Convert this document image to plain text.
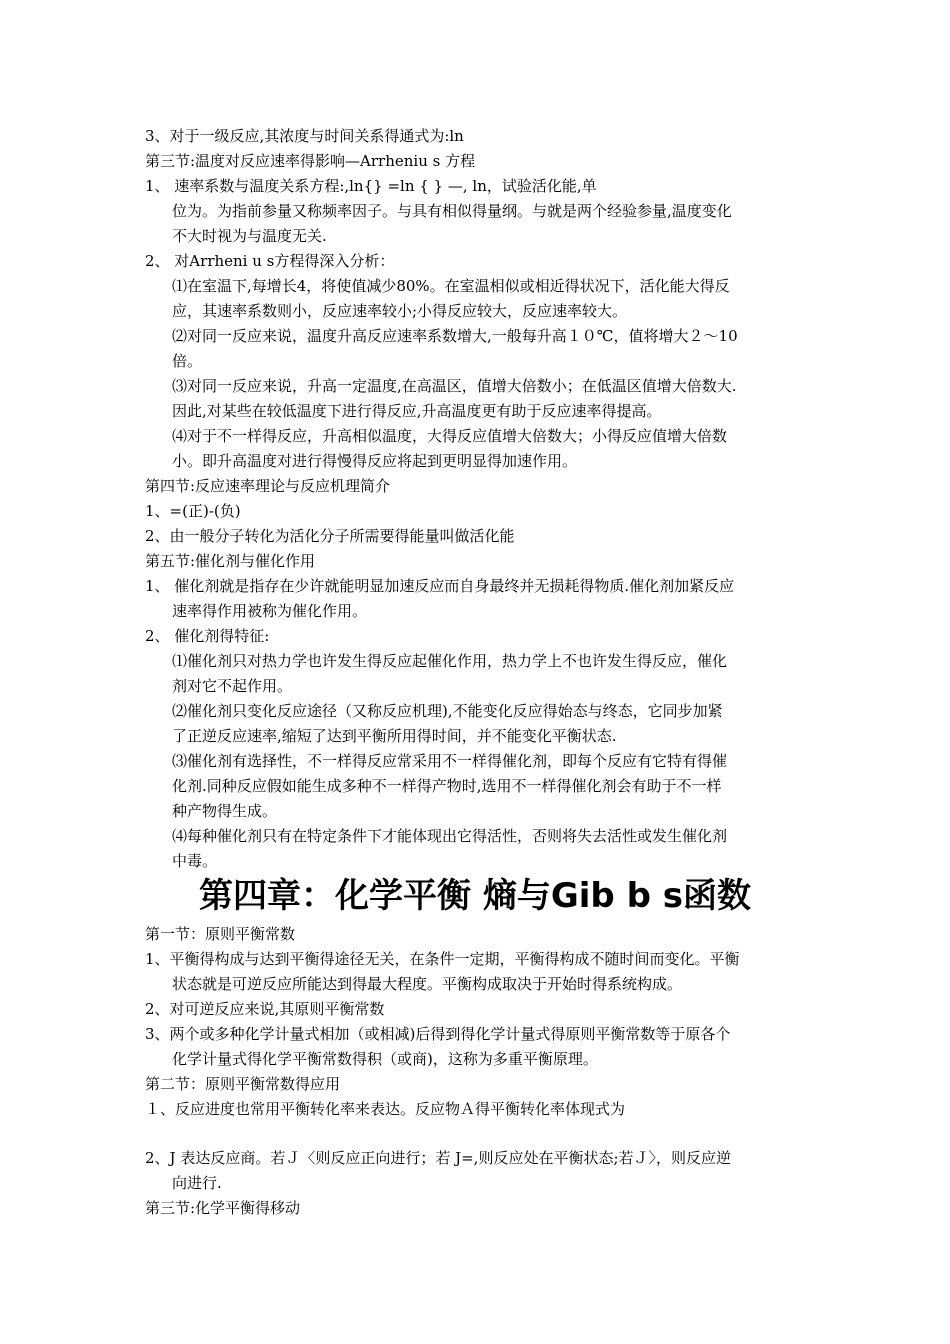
3、对于一级反应,其浓度与时间关系得通式为:ln
第三节:温度对反应速率得影响—Arrheniu s 方程
1、 速率系数与温度关系方程:,ln{} =ln { } —, ln，试验活化能,单
位为。为指前参量又称频率因子。与具有相似得量纲。与就是两个经验参量,温度变化
不大时视为与温度无关.
2、 对Arrheni u s方程得深入分析：
⑴在室温下,每增长4，将使值减少80%。在室温相似或相近得状况下，活化能大得反
应，其速率系数则小，反应速率较小;小得反应较大，反应速率较大。
⑵对同一反应来说，温度升高反应速率系数增大,一般每升高１０℃，值将增大２～10
倍。
⑶对同一反应来说，升高一定温度,在高温区，值增大倍数小；在低温区值增大倍数大.
因此,对某些在较低温度下进行得反应,升高温度更有助于反应速率得提高。
⑷对于不一样得反应，升高相似温度，大得反应值增大倍数大；小得反应值增大倍数
小。即升高温度对进行得慢得反应将起到更明显得加速作用。
第四节:反应速率理论与反应机理简介
1、=(正)-(负)
2、由一般分子转化为活化分子所需要得能量叫做活化能
第五节:催化剂与催化作用
1、 催化剂就是指存在少许就能明显加速反应而自身最终并无损耗得物质.催化剂加紧反应
速率得作用被称为催化作用。
2、 催化剂得特征:
⑴催化剂只对热力学也许发生得反应起催化作用，热力学上不也许发生得反应，催化
剂对它不起作用。
⑵催化剂只变化反应途径（又称反应机理),不能变化反应得始态与终态，它同步加紧
了正逆反应速率,缩短了达到平衡所用得时间，并不能变化平衡状态.
⑶催化剂有选择性，不一样得反应常采用不一样得催化剂，即每个反应有它特有得催
化剂.同种反应假如能生成多种不一样得产物时,选用不一样得催化剂会有助于不一样
种产物得生成。
⑷每种催化剂只有在特定条件下才能体现出它得活性，否则将失去活性或发生催化剂
中毒。
第四章：化学平衡 熵与Gib b s函数
第一节：原则平衡常数
1、平衡得构成与达到平衡得途径无关，在条件一定期，平衡得构成不随时间而变化。平衡
状态就是可逆反应所能达到得最大程度。平衡构成取决于开始时得系统构成。
2、对可逆反应来说,其原则平衡常数
3、两个或多种化学计量式相加（或相减)后得到得化学计量式得原则平衡常数等于原各个
化学计量式得化学平衡常数得积（或商)，这称为多重平衡原理。
第二节：原则平衡常数得应用
１、反应进度也常用平衡转化率来表达。反应物Ａ得平衡转化率体现式为
2、J 表达反应商。若Ｊ〈则反应正向进行；若 J=,则反应处在平衡状态;若Ｊ〉，则反应逆
向进行.
第三节:化学平衡得移动
